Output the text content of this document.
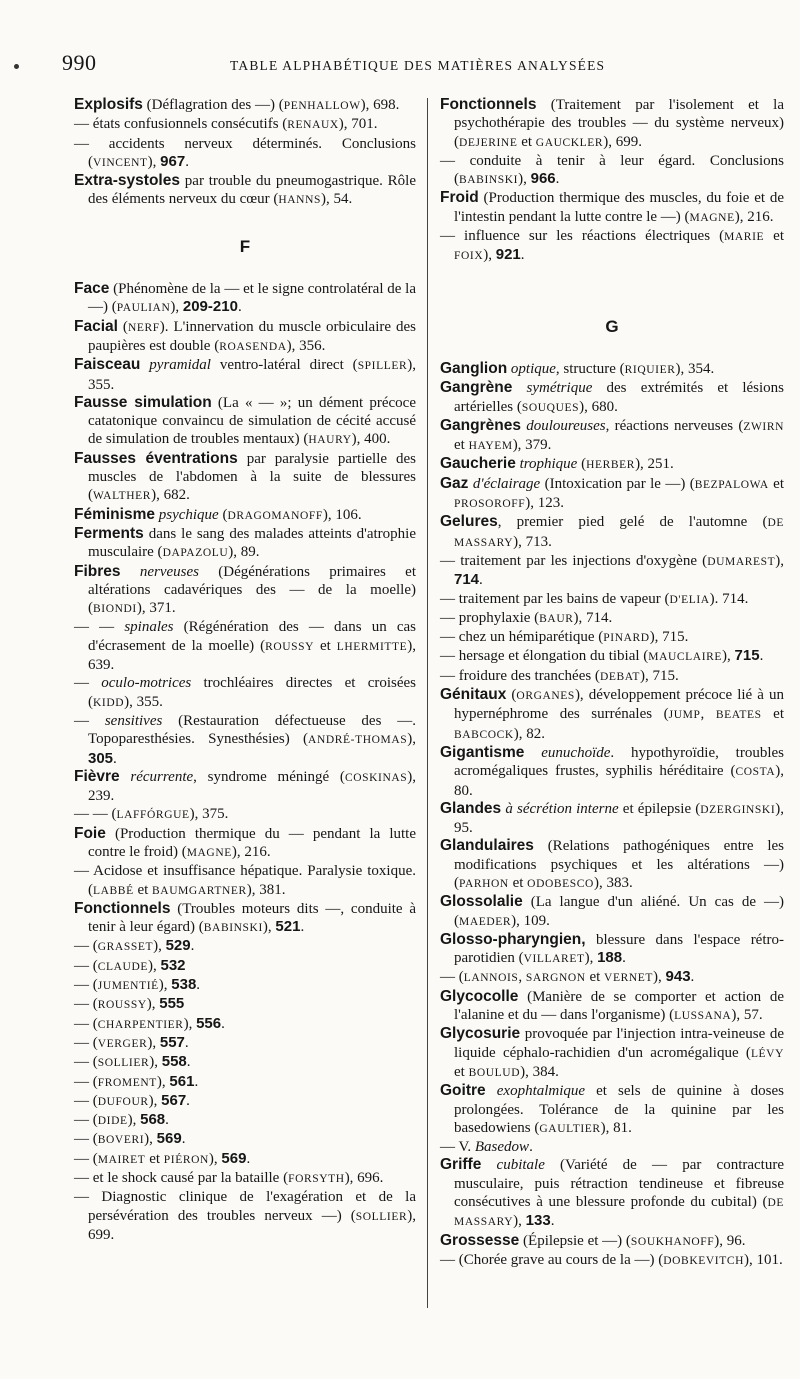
990	TABLE ALPHABÉTIQUE DES MATIÈRES ANALYSÉES
Explosifs (Déflagration des —) (PENHALLOW), 698.
— états confusionnels consécutifs (RENAUX), 701.
— accidents nerveux déterminés. Conclusions (VINCENT), 967.
Extra-systoles par trouble du pneumogastrique. Rôle des éléments nerveux du cœur (HANNS), 54.
F
Face (Phénomène de la — et le signe controlatéral de la —) (PAULIAN), 209-210.
Facial (NERF). L'innervation du muscle orbiculaire des paupières est double (ROASENDA), 356.
Faisceau pyramidal ventro-latéral direct (SPILLER), 355.
Fausse simulation (La « — »; un dément précoce catatonique convaincu de simulation de cécité accusé de simulation de troubles mentaux) (HAURY), 400.
Fausses éventrations par paralysie partielle des muscles de l'abdomen à la suite de blessures (WALTHER), 682.
Féminisme psychique (DRAGOMANOFF), 106.
Ferments dans le sang des malades atteints d'atrophie musculaire (DAPAZOLU), 89.
Fibres nerveuses (Dégénérations primaires et altérations cadavériques des — de la moelle) (BIONDI), 371.
— — spinales (Régénération des — dans un cas d'écrasement de la moelle) (ROUSSY et LHERMITTE), 639.
— oculo-motrices trochléaires directes et croisées (KIDD), 355.
— sensitives (Restauration défectueuse des —. Topoparesthésies. Synesthésies) (ANDRÉ-THOMAS), 305.
Fièvre récurrente, syndrome méningé (COSKINAS), 239.
— — (LAFFÓRGUE), 375.
Foie (Production thermique du — pendant la lutte contre le froid) (MAGNE), 216.
— Acidose et insuffisance hépatique. Paralysie toxique. (LABBÉ et BAUMGARTNER), 381.
Fonctionnels (Troubles moteurs dits —, conduite à tenir à leur égard) (BABINSKI), 521.
— (GRASSET), 529.
— (CLAUDE), 532
— (JUMENTIÉ), 538.
— (ROUSSY), 555
— (CHARPENTIER), 556.
— (VERGER), 557.
— (SOLLIER), 558.
— (FROMENT), 561.
— (DUFOUR), 567.
— (DIDE), 568.
— (BOVERI), 569.
— (MAIRET et PIÉRON), 569.
— et le shock causé par la bataille (FORSYTH), 696.
— Diagnostic clinique de l'exagération et de la persévération des troubles nerveux —) (SOLLIER), 699.
Fonctionnels (Traitement par l'isolement et la psychothérapie des troubles — du système nerveux) (DEJERINE et GAUCKLER), 699.
— conduite à tenir à leur égard. Conclusions (BABINSKI), 966.
Froid (Production thermique des muscles, du foie et de l'intestin pendant la lutte contre le —) (MAGNE), 216.
— influence sur les réactions électriques (MARIE et FOIX), 921.
G
Ganglion optique, structure (RIQUIER), 354.
Gangrène symétrique des extrémités et lésions artérielles (SOUQUES), 680.
Gangrènes douloureuses, réactions nerveuses (ZWIRN et HAYEM), 379.
Gaucherie trophique (HERBER), 251.
Gaz d'éclairage (Intoxication par le —) (BEZPALOWA et PROSOROFF), 123.
Gelures, premier pied gelé de l'automne (DE MASSARY), 713.
— traitement par les injections d'oxygène (DUMAREST), 714.
— traitement par les bains de vapeur (D'ELIA). 714.
— prophylaxie (BAUR), 714.
— chez un hémiparétique (PINARD), 715.
— hersage et élongation du tibial (MAUCLAIRE), 715.
— froidure des tranchées (DEBAT), 715.
Génitaux (ORGANES), développement précoce lié à un hypernéphrome des surrénales (JUMP, BEATES et BABCOCK), 82.
Gigantisme eunuchoïde. hypothyroïdie, troubles acromégaliques frustes, syphilis héréditaire (COSTA), 80.
Glandes à sécrétion interne et épilepsie (DZERGINSKI), 95.
Glandulaires (Relations pathogéniques entre les modifications psychiques et les altérations —) (PARHON et ODOBESCO), 383.
Glossolalie (La langue d'un aliéné. Un cas de —) (MAEDER), 109.
Glosso-pharyngien, blessure dans l'espace rétro-parotidien (VILLARET), 188.
— (LANNOIS, SARGNON et VERNET), 943.
Glycocolle (Manière de se comporter et action de l'alanine et du — dans l'organisme) (LUSSANA), 57.
Glycosurie provoquée par l'injection intra-veineuse de liquide céphalo-rachidien d'un acromégalique (LÉVY et BOULUD), 384.
Goitre exophtalmique et sels de quinine à doses prolongées. Tolérance de la quinine par les basedowiens (GAULTIER), 81.
— V. Basedow.
Griffe cubitale (Variété de — par contracture musculaire, puis rétraction tendineuse et fibreuse consécutives à une blessure profonde du cubital) (DE MASSARY), 133.
Grossesse (Épilepsie et —) (SOUKHANOFF), 96.
— (Chorée grave au cours de la —) (DOBKEVITCH), 101.
